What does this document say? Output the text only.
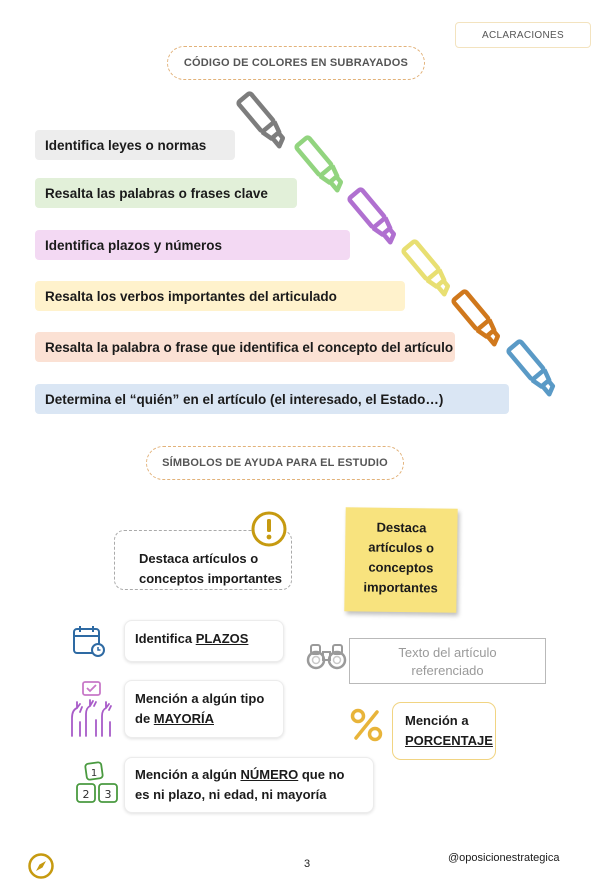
ACLARACIONES
CÓDIGO DE COLORES EN SUBRAYADOS
Identifica leyes o normas
Resalta las palabras o frases clave
Identifica plazos y números
Resalta los verbos importantes del articulado
Resalta la palabra o frase que identifica el concepto del artículo
Determina el “quién” en el artículo (el interesado, el Estado…)
SÍMBOLOS DE AYUDA PARA EL ESTUDIO
Destaca artículos o
conceptos importantes
Destaca
artículos o
conceptos
importantes
Identifica PLAZOS
Texto del artículo
referenciado
Mención a algún tipo
de MAYORÍA	Mención a
PORCENTAJE
1
2 3
Mención a algún NÚMERO que no
es ni plazo, ni edad, ni mayoría
3	@oposicionestrategica
